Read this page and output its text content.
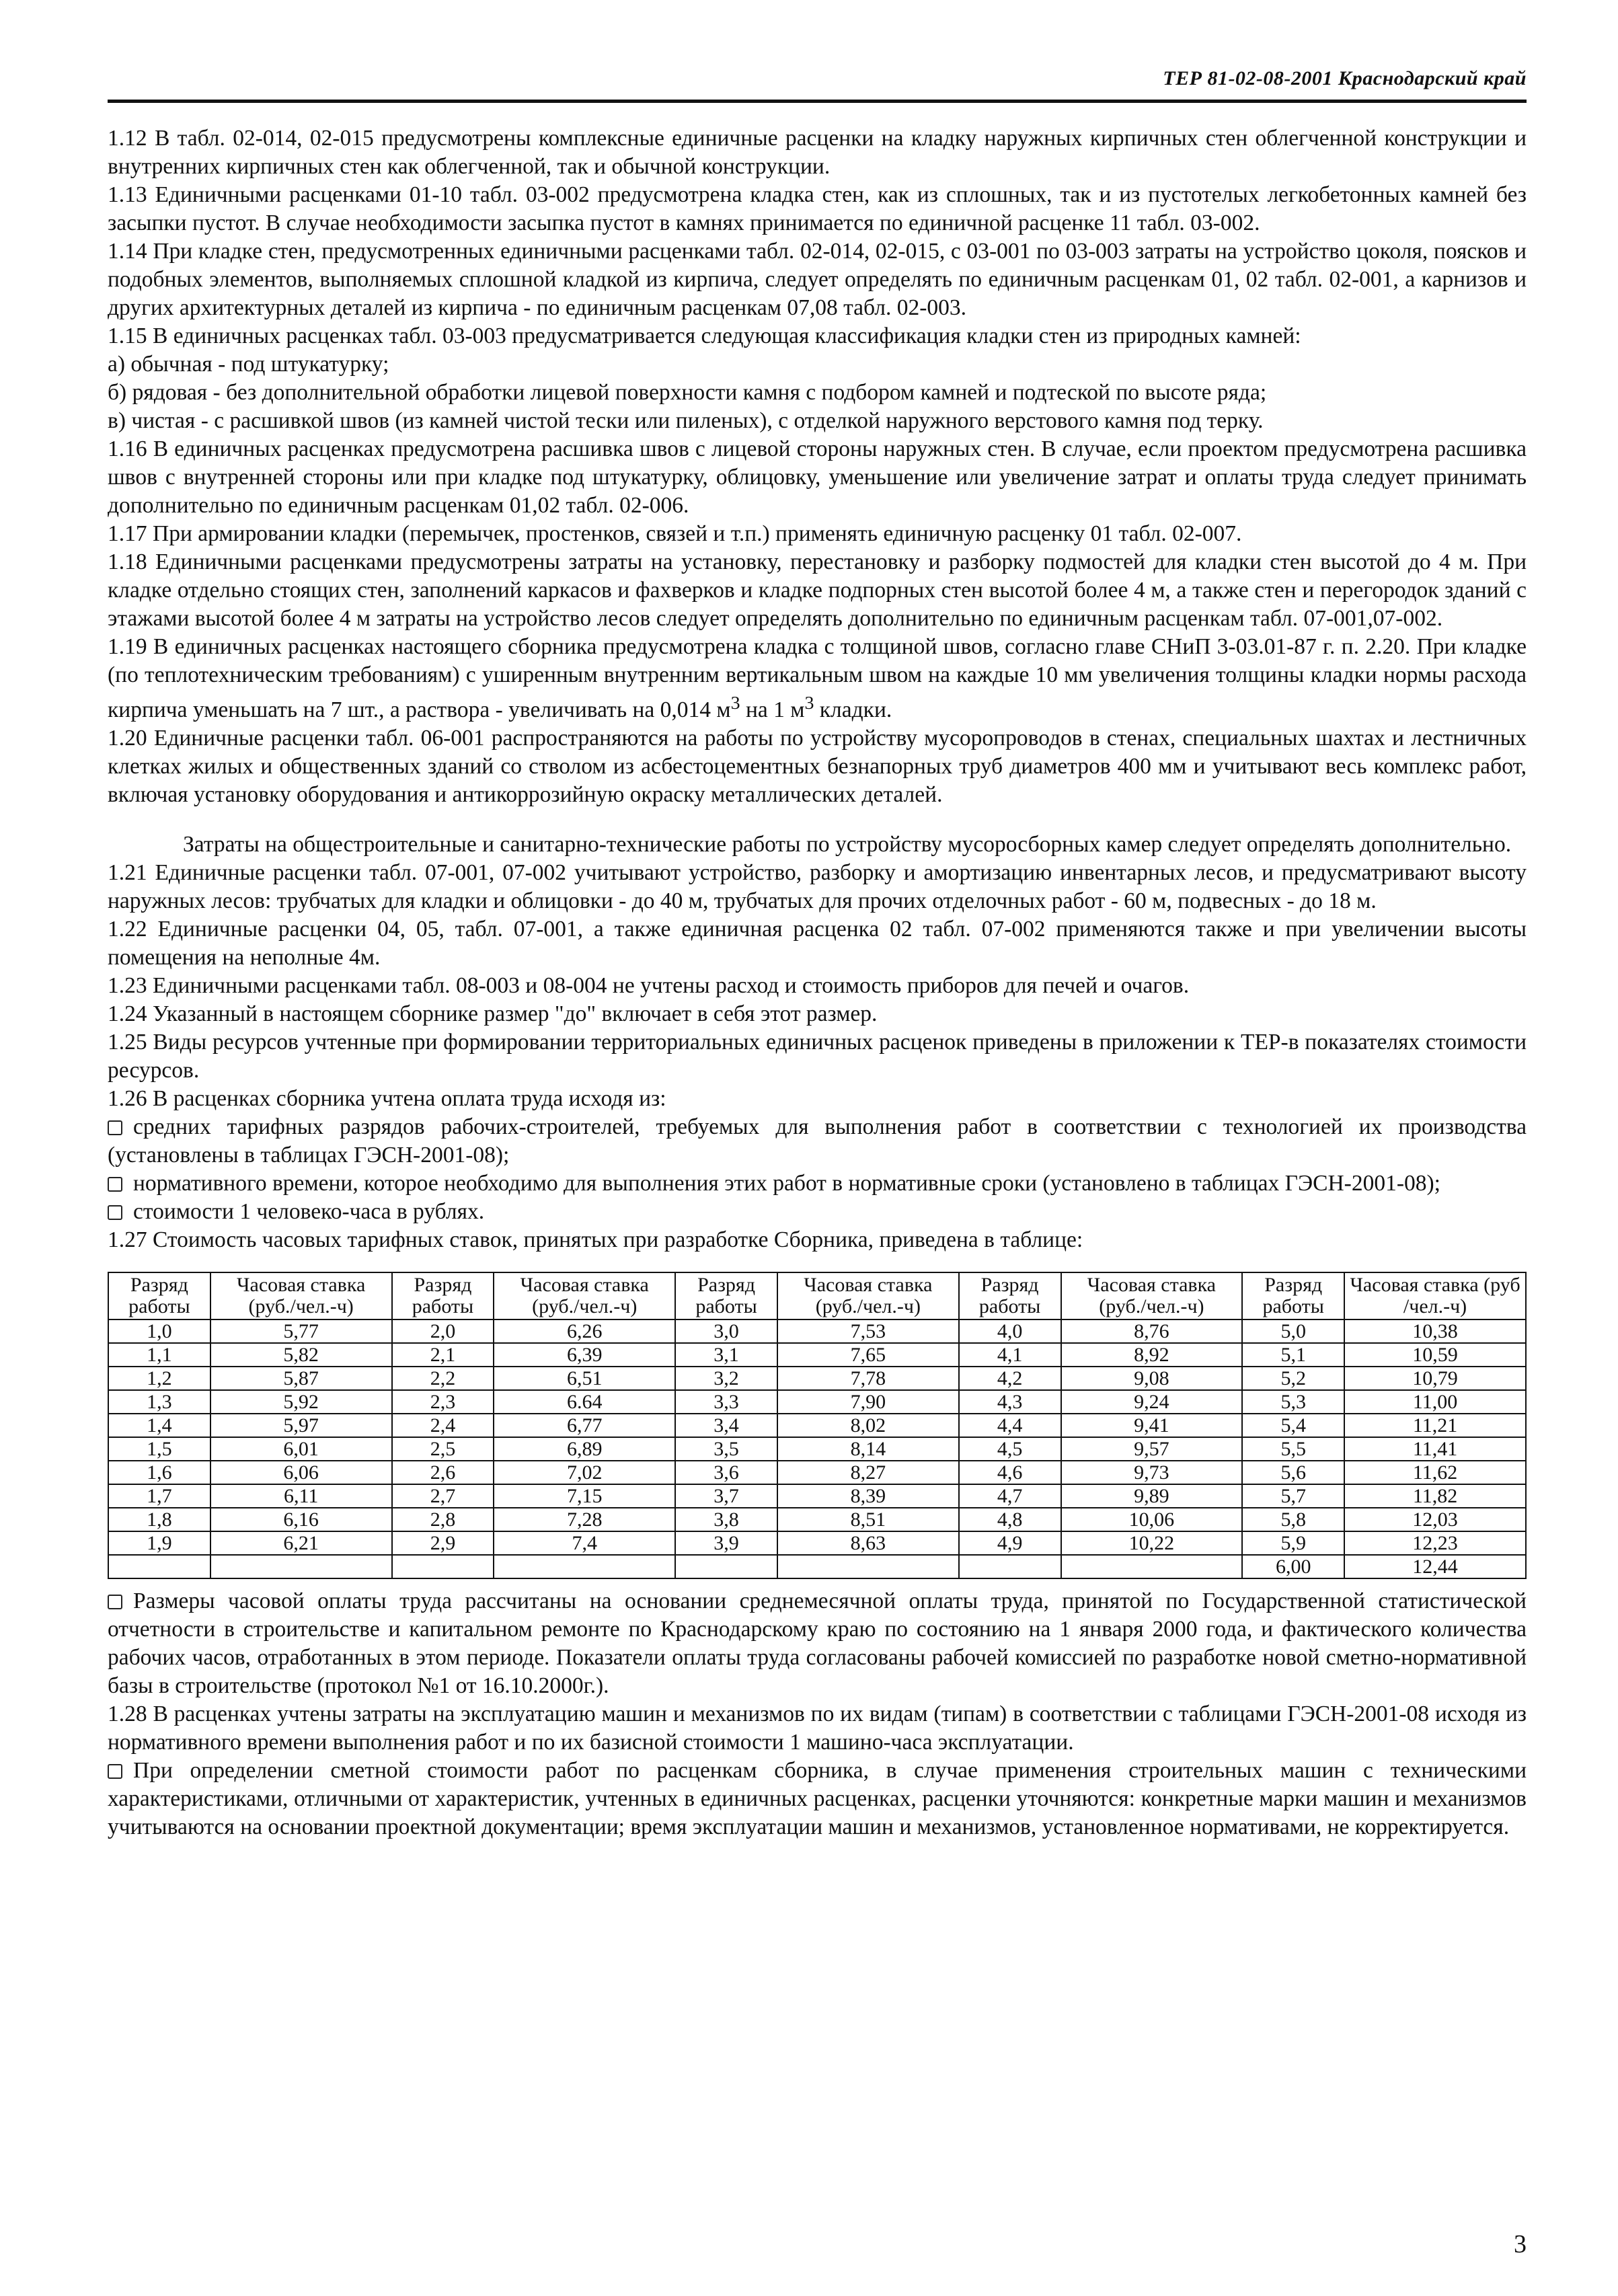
ТЕР 81-02-08-2001 Краснодарский край

1.12 В табл. 02-014, 02-015 предусмотрены комплексные единичные расценки на кладку наружных кирпичных стен облегченной конструкции и внутренних кирпичных стен как облегченной, так и обычной конструкции.

1.13 Единичными расценками 01-10 табл. 03-002 предусмотрена кладка стен, как из сплошных, так и из пустотелых легкобетонных камней без засыпки пустот. В случае необходимости засыпка пустот в камнях принимается по единичной расценке 11 табл. 03-002.

1.14 При кладке стен, предусмотренных единичными расценками табл. 02-014, 02-015, с 03-001 по 03-003 затраты на устройство цоколя, поясков и подобных элементов, выполняемых сплошной кладкой из кирпича, следует определять по единичным расценкам 01, 02 табл. 02-001, а карнизов и других архитектурных деталей из кирпича - по единичным расценкам 07,08 табл. 02-003.

1.15 В единичных расценках табл. 03-003 предусматривается следующая классификация кладки стен из природных камней:

а) обычная - под штукатурку;

б) рядовая - без дополнительной обработки лицевой поверхности камня с подбором камней и подтеской по высоте ряда;

в) чистая - с расшивкой швов (из камней чистой тески или пиленых), с отделкой наружного верстового камня под терку.

1.16 В единичных расценках предусмотрена расшивка швов с лицевой стороны наружных стен. В случае, если проектом предусмотрена расшивка швов с внутренней стороны или при кладке под штукатурку, облицовку, уменьшение или увеличение затрат и оплаты труда следует принимать дополнительно по единичным расценкам 01,02 табл. 02-006.

1.17 При армировании кладки (перемычек, простенков, связей и т.п.) применять единичную расценку 01 табл. 02-007.

1.18 Единичными расценками предусмотрены затраты на установку, перестановку и разборку подмостей для кладки стен высотой до 4 м. При кладке отдельно стоящих стен, заполнений каркасов и фахверков и кладке подпорных стен высотой более 4 м, а также стен и перегородок зданий с этажами высотой более 4 м затраты на устройство лесов следует определять дополнительно по единичным расценкам табл. 07-001,07-002.

1.19 В единичных расценках настоящего сборника предусмотрена кладка с толщиной швов, согласно главе СНиП 3-03.01-87 г. п. 2.20. При кладке (по теплотехническим требованиям) с уширенным внутренним вертикальным швом на каждые 10 мм увеличения толщины кладки нормы расхода кирпича уменьшать на 7 шт., а раствора - увеличивать на 0,014 $м^3$ на 1 $м^3$ кладки.

1.20 Единичные расценки табл. 06-001 распространяются на работы по устройству мусоропроводов в стенах, специальных шахтах и лестничных клетках жилых и общественных зданий со стволом из асбестоцементных безнапорных труб диаметров 400 мм и учитывают весь комплекс работ, включая установку оборудования и антикоррозийную окраску металлических деталей.

Затраты на общестроительные и санитарно-технические работы по устройству мусоросборных камер следует определять дополнительно.

1.21 Единичные расценки табл. 07-001, 07-002 учитывают устройство, разборку и амортизацию инвентарных лесов, и предусматривают высоту наружных лесов: трубчатых для кладки и облицовки - до 40 м, трубчатых для прочих отделочных работ - 60 м, подвесных - до 18 м.

1.22 Единичные расценки 04, 05, табл. 07-001, а также единичная расценка 02 табл. 07-002 применяются также и при увеличении высоты помещения на неполные 4м.

1.23 Единичными расценками табл. 08-003 и 08-004 не учтены расход и стоимость приборов для печей и очагов.

1.24 Указанный в настоящем сборнике размер "до" включает в себя этот размер.

1.25 Виды ресурсов учтенные при формировании территориальных единичных расценок приведены в приложении к ТЕР-в показателях стоимости ресурсов.

1.26 В расценках сборника учтена оплата труда исходя из:

средних тарифных разрядов рабочих-строителей, требуемых для выполнения работ в соответствии с технологией их производства (установлены в таблицах ГЭСН-2001-08);

нормативного времени, которое необходимо для выполнения этих работ в нормативные сроки (установлено в таблицах ГЭСН-2001-08);

стоимости 1 человеко-часа в рублях.

1.27 Стоимость часовых тарифных ставок, принятых при разработке Сборника, приведена в таблице:

Разряд работы	Часовая ставка (руб./чел.-ч)	Разряд работы	Часовая ставка (руб./чел.-ч)	Разряд работы	Часовая ставка (руб./чел.-ч)	Разряд работы	Часовая ставка (руб./чел.-ч)	Разряд работы	Часовая ставка (руб /чел.-ч)
1,0	5,77	2,0	6,26	3,0	7,53	4,0	8,76	5,0	10,38
1,1	5,82	2,1	6,39	3,1	7,65	4,1	8,92	5,1	10,59
1,2	5,87	2,2	6,51	3,2	7,78	4,2	9,08	5,2	10,79
1,3	5,92	2,3	6.64	3,3	7,90	4,3	9,24	5,3	11,00
1,4	5,97	2,4	6,77	3,4	8,02	4,4	9,41	5,4	11,21
1,5	6,01	2,5	6,89	3,5	8,14	4,5	9,57	5,5	11,41
1,6	6,06	2,6	7,02	3,6	8,27	4,6	9,73	5,6	11,62
1,7	6,11	2,7	7,15	3,7	8,39	4,7	9,89	5,7	11,82
1,8	6,16	2,8	7,28	3,8	8,51	4,8	10,06	5,8	12,03
1,9	6,21	2,9	7,4	3,9	8,63	4,9	10,22	5,9	12,23
								6,00	12,44

Размеры часовой оплаты труда рассчитаны на основании среднемесячной оплаты труда, принятой по Государственной статистической отчетности в строительстве и капитальном ремонте по Краснодарскому краю по состоянию на 1 января 2000 года, и фактического количества рабочих часов, отработанных в этом периоде. Показатели оплаты труда согласованы рабочей комиссией по разработке новой сметно-нормативной базы в строительстве (протокол №1 от 16.10.2000г.).

1.28 В расценках учтены затраты на эксплуатацию машин и механизмов по их видам (типам) в соответствии с таблицами ГЭСН-2001-08 исходя из нормативного времени выполнения работ и по их базисной стоимости 1 машино-часа эксплуатации.

При определении сметной стоимости работ по расценкам сборника, в случае применения строительных машин с техническими характеристиками, отличными от характеристик, учтенных в единичных расценках, расценки уточняются: конкретные марки машин и механизмов учитываются на основании проектной документации; время эксплуатации машин и механизмов, установленное нормативами, не корректируется.

3
